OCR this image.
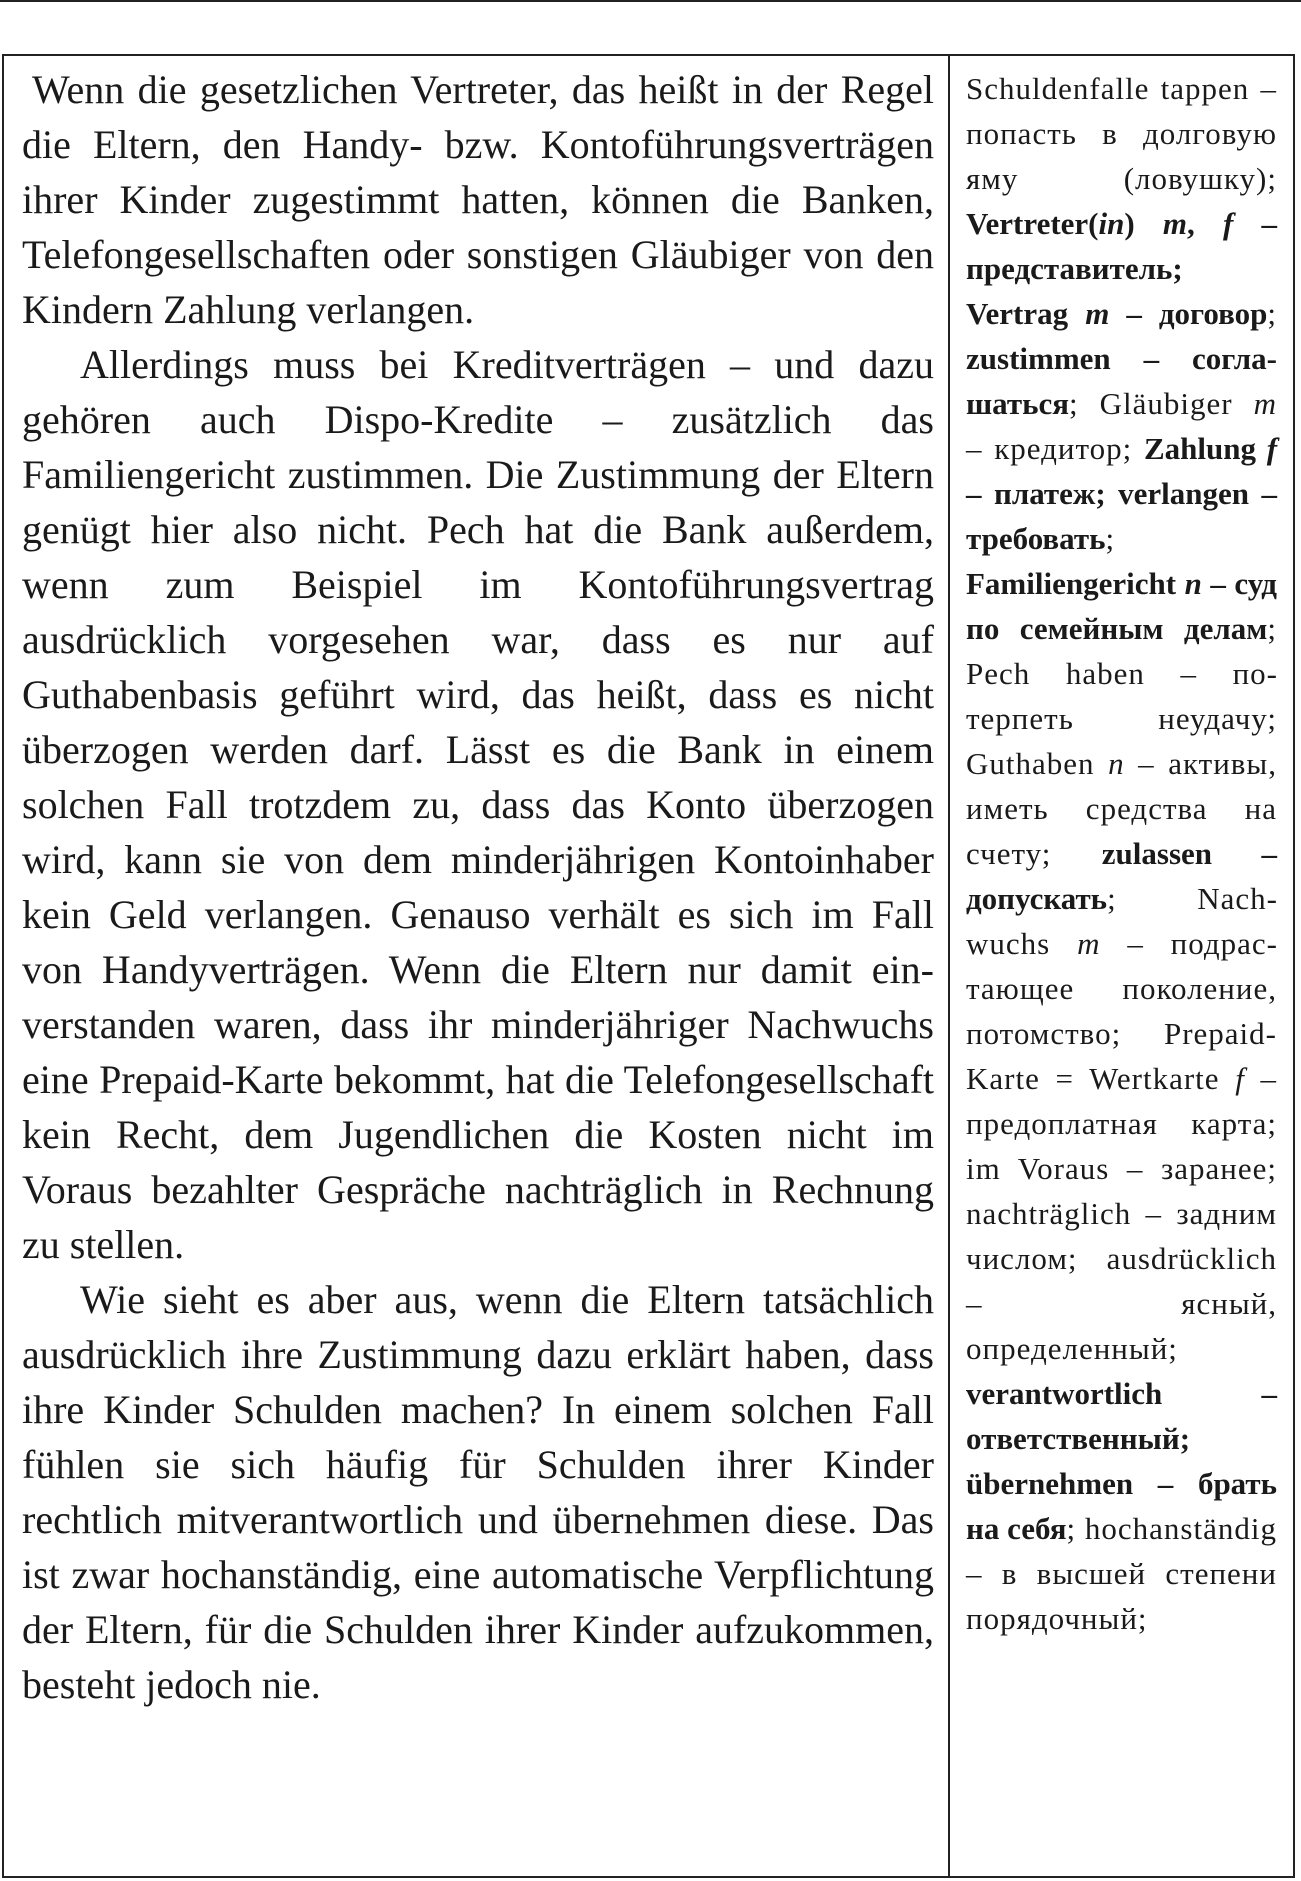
Wenn die gesetzlichen Vertreter, das heißt in der Regel die Eltern, den Handy- bzw. Kontoführungsverträgen ihrer Kinder zugestimmt hatten, können die Banken, Telefongesellschaften oder sonstigen Gläubiger von den Kindern Zahlung verlangen.

Allerdings muss bei Kreditverträgen – und dazu gehören auch Dispo-Kredite – zusätzlich das Familiengericht zustimmen. Die Zustimmung der Eltern genügt hier also nicht. Pech hat die Bank außerdem, wenn zum Beispiel im Kontoführungsvertrag ausdrücklich vorgesehen war, dass es nur auf Guthabenbasis geführt wird, das heißt, dass es nicht überzogen werden darf. Lässt es die Bank in einem solchen Fall trotzdem zu, dass das Konto überzogen wird, kann sie von dem minderjährigen Kontoinhaber kein Geld verlangen. Genauso verhält es sich im Fall von Handyverträgen. Wenn die Eltern nur damit einverstanden waren, dass ihr minderjähriger Nachwuchs eine Prepaid-Karte bekommt, hat die Telefongesellschaft kein Recht, dem Jugendlichen die Kosten nicht im Voraus bezahlter Gespräche nachträglich in Rechnung zu stellen.

Wie sieht es aber aus, wenn die Eltern tatsächlich ausdrücklich ihre Zustimmung dazu erklärt haben, dass ihre Kinder Schulden machen? In einem solchen Fall fühlen sie sich häufig für Schulden ihrer Kinder rechtlich mitverantwortlich und übernehmen diese. Das ist zwar hochanständig, eine automatische Verpflichtung der Eltern, für die Schulden ihrer Kinder aufzukommen, besteht jedoch nie.

Schuldenfalle tappen – попасть в долговую яму (ловушку); Vertreter(in) m, f – представитель; Vertrag m – договор; zustimmen – соглашаться; Gläubiger m – кредитор; Zahlung f – платеж; verlangen – требовать; Familiengericht n – суд по семейным делам; Pech haben – потерпеть неудачу; Guthaben n – активы, иметь средства на счету; zulassen – допускать; Nachwuchs m – подрастающее поколение, потомство; Prepaid-Karte = Wertkarte f – предоплатная карта; im Voraus – заранее; nachträglich – задним числом; ausdrücklich – ясный, определенный; verantwortlich – ответственный; übernehmen – брать на себя; hochanständig – в высшей степени порядочный;
